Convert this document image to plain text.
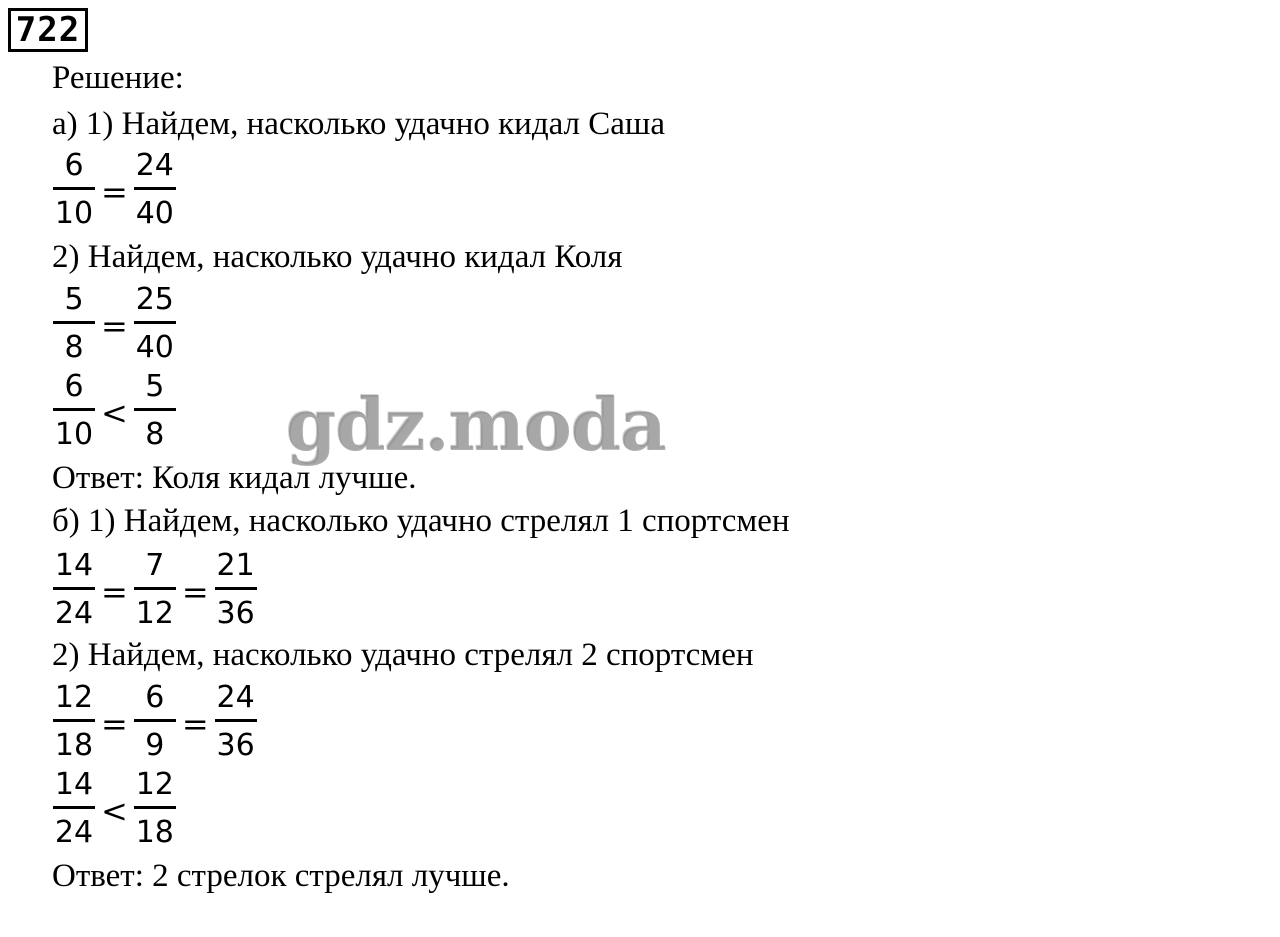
722
Решение:
а) 1) Найдем, насколько удачно кидал Саша
$\frac{6}{10} = \frac{24}{40}$
2) Найдем, насколько удачно кидал Коля
$\frac{5}{8} = \frac{25}{40}$
$\frac{6}{10} < \frac{5}{8}$
Ответ: Коля кидал лучше.
б) 1) Найдем, насколько удачно стрелял 1 спортсмен
$\frac{14}{24} = \frac{7}{12} = \frac{21}{36}$
2) Найдем, насколько удачно стрелял 2 спортсмен
$\frac{12}{18} = \frac{6}{9} = \frac{24}{36}$
$\frac{14}{24} < \frac{12}{18}$
Ответ: 2 стрелок стрелял лучше.
gdz.moda
